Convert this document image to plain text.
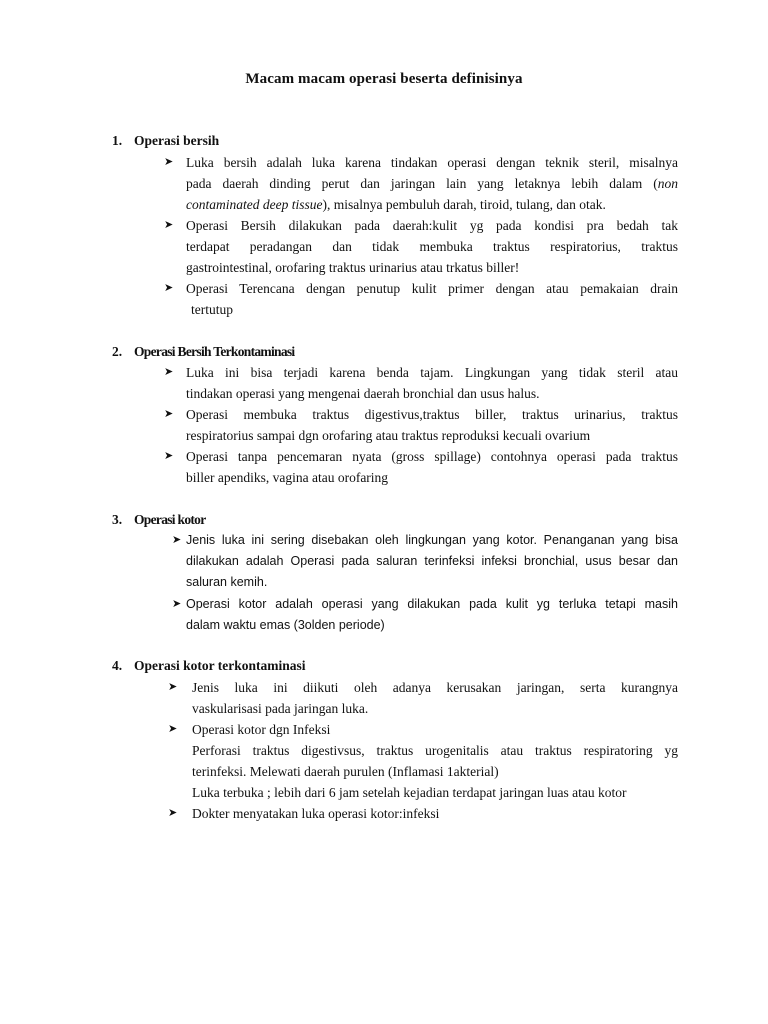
Macam macam operasi beserta definisinya
1. Operasi bersih
➤ Luka bersih adalah luka karena tindakan operasi dengan teknik steril, misalnya
pada daerah dinding perut dan jaringan lain yang letaknya lebih dalam (non
contaminated deep tissue), misalnya pembuluh darah, tiroid, tulang, dan otak.
➤ Operasi Bersih dilakukan pada daerah:kulit yg pada kondisi pra bedah tak
terdapat peradangan dan tidak membuka traktus respiratorius, traktus
gastrointestinal, orofaring traktus urinarius atau trkatus biller!
➤ Operasi Terencana dengan penutup kulit primer dengan atau pemakaian drain
tertutup
2. Operasi Bersih Terkontaminasi
➤ Luka ini bisa terjadi karena benda tajam. Lingkungan yang tidak steril atau
tindakan operasi yang mengenai daerah bronchial dan usus halus.
➤ Operasi membuka traktus digestivus,traktus biller, traktus urinarius, traktus
respiratorius sampai dgn orofaring atau traktus reproduksi kecuali ovarium
➤ Operasi tanpa pencemaran nyata (gross spillage) contohnya operasi pada traktus
biller apendiks, vagina atau orofaring
3. Operasi kotor
➤ Jenis luka ini sering disebakan oleh lingkungan yang kotor. Penanganan yang bisa
dilakukan adalah Operasi pada saluran terinfeksi infeksi bronchial, usus besar dan
saluran kemih.
➤ Operasi kotor adalah operasi yang dilakukan pada kulit yg terluka tetapi masih
dalam waktu emas (3olden periode)
4. Operasi kotor terkontaminasi
➤ Jenis luka ini diikuti oleh adanya kerusakan jaringan, serta kurangnya
vaskularisasi pada jaringan luka.
➤ Operasi kotor dgn Infeksi
Perforasi traktus digestivsus, traktus urogenitalis atau traktus respiratoring yg
terinfeksi. Melewati daerah purulen (Inflamasi 1akterial)
Luka terbuka ; lebih dari 6 jam setelah kejadian terdapat jaringan luas atau kotor
➤ Dokter menyatakan luka operasi kotor:infeksi
